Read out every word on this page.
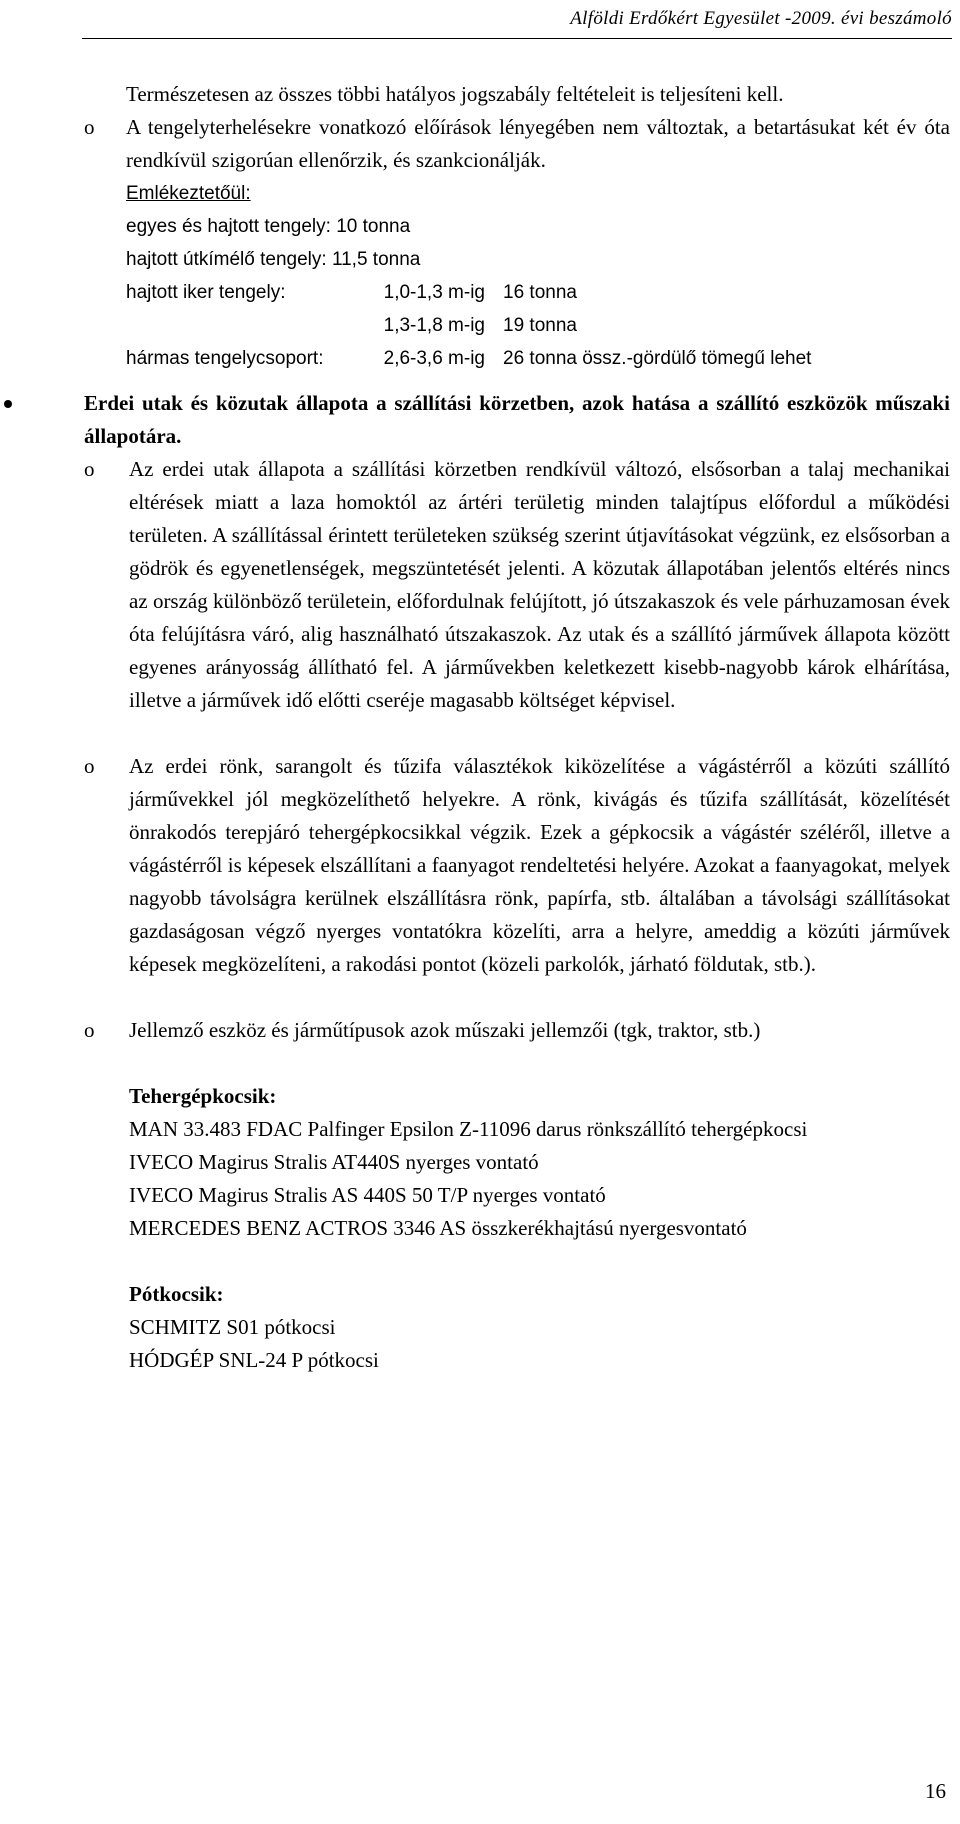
Alföldi Erdőkért Egyesület -2009. évi beszámoló
Természetesen az összes többi hatályos jogszabály feltételeit is teljesíteni kell.
o A tengelyterhelésekre vonatkozó előírások lényegében nem változtak, a betartásukat két év óta rendkívül szigorúan ellenőrzik, és szankcionálják.
Emlékeztetőül:
egyes és hajtott tengely: 10 tonna
hajtott útkímélő tengely: 11,5 tonna
hajtott iker tengely:	1,0-1,3 m-ig 16 tonna
1,3-1,8 m-ig 19 tonna
hármas tengelycsoport:	2,6-3,6 m-ig 26 tonna össz.-gördülő tömegű lehet
Erdei utak és közutak állapota a szállítási körzetben, azok hatása a szállító eszközök műszaki állapotára.
o Az erdei utak állapota a szállítási körzetben rendkívül változó, elsősorban a talaj mechanikai eltérések miatt a laza homoktól az ártéri területig minden talajtípus előfordul a működési területen. A szállítással érintett területeken szükség szerint útjavításokat végzünk, ez elsősorban a gödrök és egyenetlenségek, megszüntetését jelenti. A közutak állapotában jelentős eltérés nincs az ország különböző területein, előfordulnak felújított, jó útszakaszok és vele párhuzamosan évek óta felújításra váró, alig használható útszakaszok. Az utak és a szállító járművek állapota között egyenes arányosság állítható fel. A járművekben keletkezett kisebb-nagyobb károk elhárítása, illetve a járművek idő előtti cseréje magasabb költséget képvisel.
o Az erdei rönk, sarangolt és tűzifa választékok kiközelítése a vágástérről a közúti szállító járművekkel jól megközelíthető helyekre. A rönk, kivágás és tűzifa szállítását, közelítését önrakodós terepjáró tehergépkocsikkal végzik. Ezek a gépkocsik a vágástér széléről, illetve a vágástérről is képesek elszállítani a faanyagot rendeltetési helyére. Azokat a faanyagokat, melyek nagyobb távolságra kerülnek elszállításra rönk, papírfa, stb. általában a távolsági szállításokat gazdaságosan végző nyerges vontatókra közelíti, arra a helyre, ameddig a közúti járművek képesek megközelíteni, a rakodási pontot (közeli parkolók, járható földutak, stb.).
o Jellemző eszköz és járműtípusok azok műszaki jellemzői (tgk, traktor, stb.)
Tehergépkocsik:
MAN 33.483 FDAC Palfinger Epsilon Z-11096 darus rönkszállító tehergépkocsi
IVECO Magirus Stralis AT440S nyerges vontató
IVECO Magirus Stralis AS 440S 50 T/P nyerges vontató
MERCEDES BENZ ACTROS 3346 AS összkerékhajtású nyergesvontató
Pótkocsik:
SCHMITZ S01 pótkocsi
HÓDGÉP SNL-24 P pótkocsi
16
